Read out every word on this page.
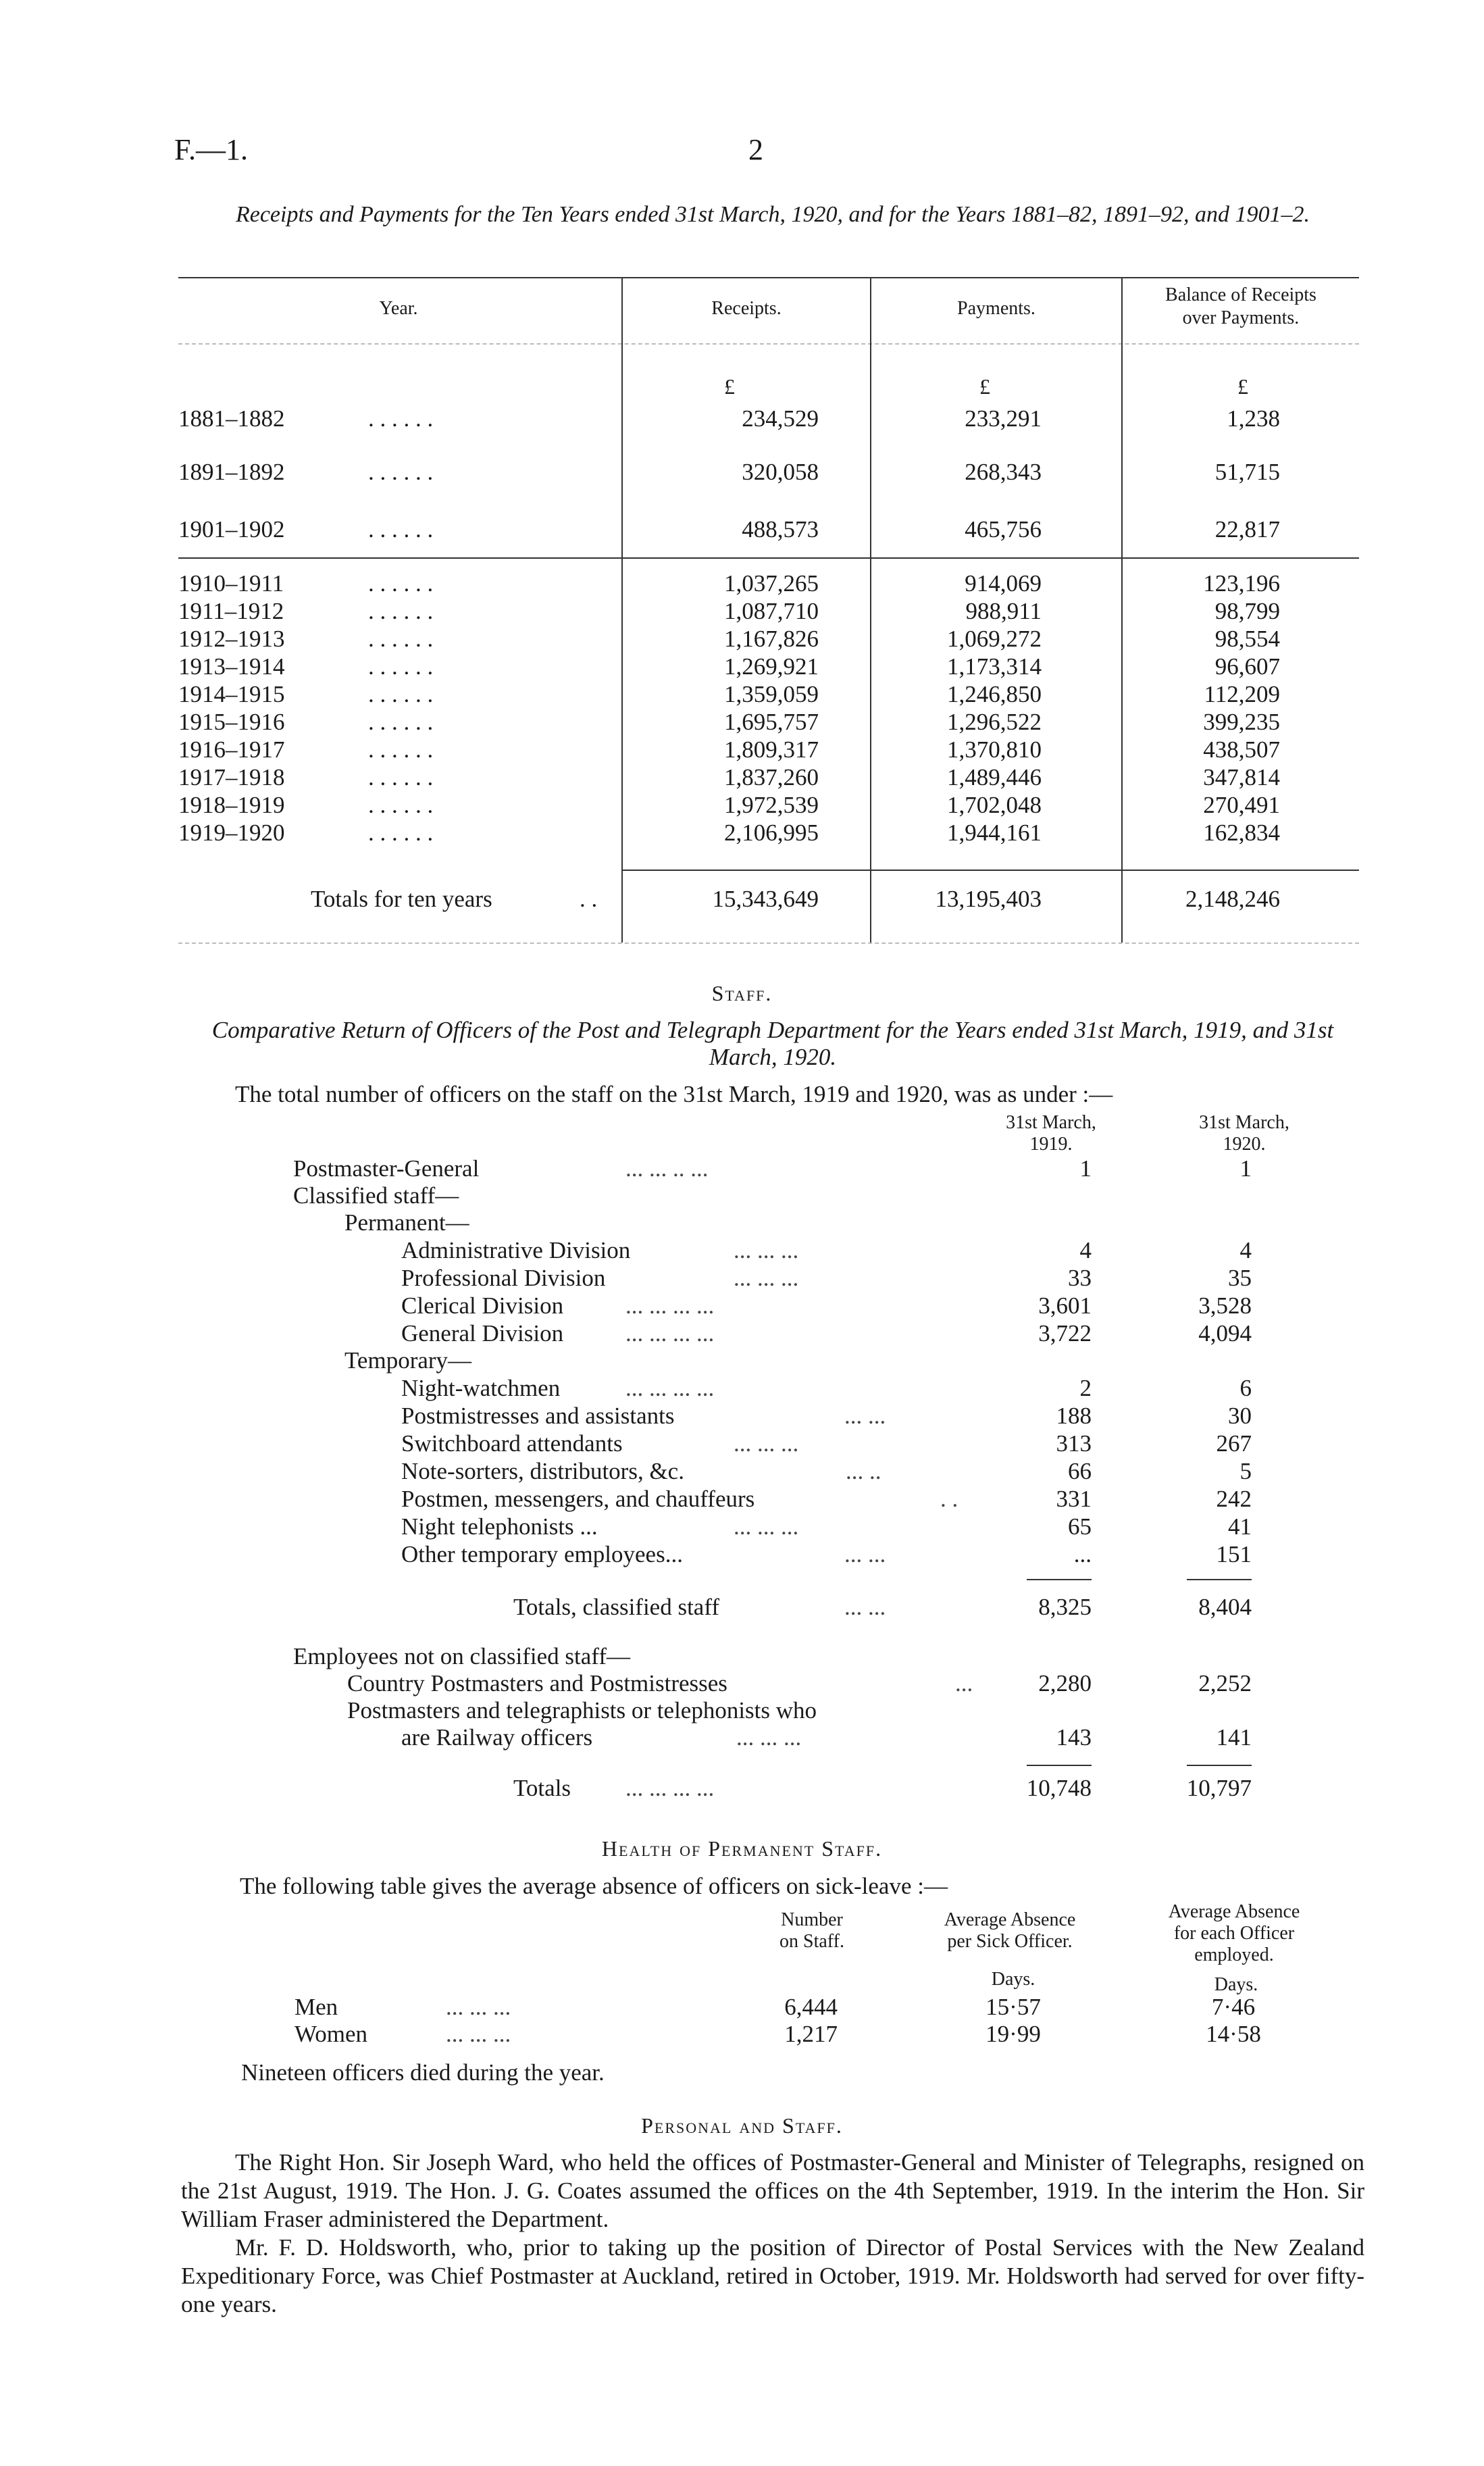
F.—1.	2
Receipts and Payments for the Ten Years ended 31st March, 1920, and for the Years 1881–82, 1891–92, and 1901–2.
Year.	Receipts.	Payments.
Balance of Receipts
over Payments.
£	£	£
1881–1882	. . . . . .	234,529	233,291	1,238
1891–1892	. . . . . .	320,058	268,343	51,715
1901–1902	. . . . . .	488,573	465,756	22,817
1910–1911	. . . . . .	1,037,265	914,069	123,196
1911–1912	. . . . . .	1,087,710	988,911	98,799
1912–1913	. . . . . .	1,167,826	1,069,272	98,554
1913–1914	. . . . . .	1,269,921	1,173,314	96,607
1914–1915	. . . . . .	1,359,059	1,246,850	112,209
1915–1916	. . . . . .	1,695,757	1,296,522	399,235
1916–1917	. . . . . .	1,809,317	1,370,810	438,507
1917–1918	. . . . . .	1,837,260	1,489,446	347,814
1918–1919	. . . . . .	1,972,539	1,702,048	270,491
1919–1920	. . . . . .	2,106,995	1,944,161	162,834
Totals for ten years	. .	15,343,649	13,195,403	2,148,246
Staff.
Comparative Return of Officers of the Post and Telegraph Department for the Years ended 31st March, 1919, and 31st March, 1920.
The total number of officers on the staff on the 31st March, 1919 and 1920, was as under :—
31st March,
1919.
31st March,
1920.
Postmaster-General	... ... .. ...	1	1
Classified staff—
Permanent—
Administrative Division	... ... ...	4	4
Professional Division	... ... ...	33	35
Clerical Division	... ... ... ...	3,601	3,528
General Division	... ... ... ...	3,722	4,094
Temporary—
Night-watchmen	... ... ... ...	2	6
Postmistresses and assistants	... ...	188	30
Switchboard attendants	... ... ...	313	267
Note-sorters, distributors, &c.	... ..	66	5
Postmen, messengers, and chauffeurs	. .	331	242
Night telephonists ...	... ... ...	65	41
Other temporary employees...	... ...	...	151
Totals, classified staff	... ...	8,325	8,404
Employees not on classified staff—
Country Postmasters and Postmistresses	...	2,280	2,252
Postmasters and telegraphists or telephonists who
are Railway officers	... ... ...	143	141
Totals ... ... ... ...	10,748	10,797
Health of Permanent Staff.
The following table gives the average absence of officers on sick-leave :—
Number
on Staff.
Average Absence
per Sick Officer.
Average Absence
for each Officer
employed.
Days.	Days.
Men	... ... ...	6,444	15·57	7·46
Women	... ... ...	1,217	19·99	14·58
Nineteen officers died during the year.
Personal and Staff.
The Right Hon. Sir Joseph Ward, who held the offices of Postmaster-General and Minister of Telegraphs, resigned on the 21st August, 1919. The Hon. J. G. Coates assumed the offices on the 4th September, 1919. In the interim the Hon. Sir William Fraser administered the Department.
Mr. F. D. Holdsworth, who, prior to taking up the position of Director of Postal Services with the New Zealand Expeditionary Force, was Chief Postmaster at Auckland, retired in October, 1919. Mr. Holdsworth had served for over fifty-one years.
